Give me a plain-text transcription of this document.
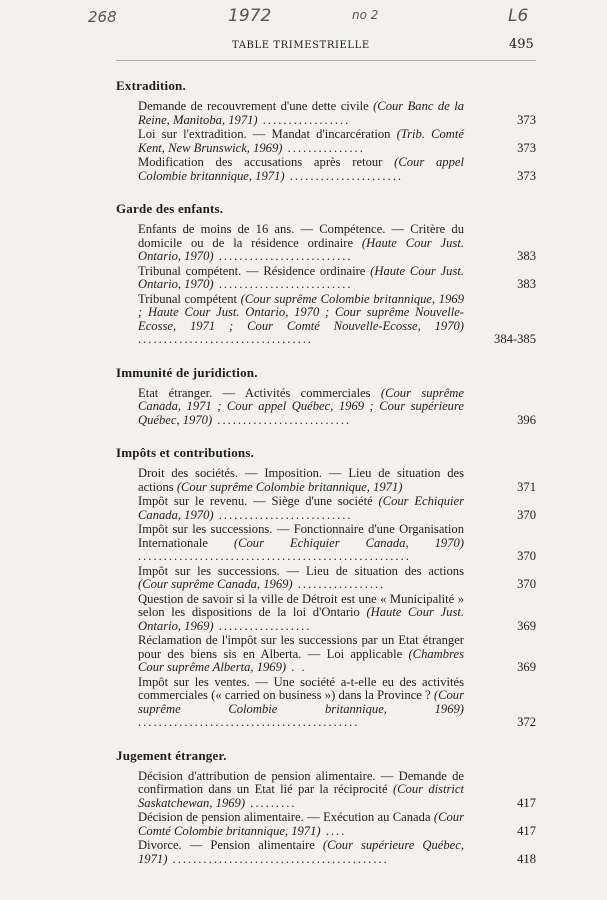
268	1972	no 2	L6
TABLE TRIMESTRIELLE	495
Extradition.
Demande de recouvrement d'une dette civile (Cour Banc de la Reine, Manitoba, 1971) .................	373
Loi sur l'extradition. — Mandat d'incarcération (Trib. Comté Kent, New Brunswick, 1969) ...............	373
Modification des accusations après retour (Cour appel Colombie britannique, 1971) ......................	373
Garde des enfants.
Enfants de moins de 16 ans. — Compétence. — Critère du domicile ou de la résidence ordinaire (Haute Cour Just. Ontario, 1970) ..........................	383
Tribunal compétent. — Résidence ordinaire (Haute Cour Just. Ontario, 1970) ..........................	383
Tribunal compétent (Cour suprême Colombie britannique, 1969 ; Haute Cour Just. Ontario, 1970 ; Cour suprême Nouvelle-Ecosse, 1971 ; Cour Comté Nouvelle-Ecosse, 1970) ..................................	384-385
Immunité de juridiction.
Etat étranger. — Activités commerciales (Cour suprême Canada, 1971 ; Cour appel Québec, 1969 ; Cour supérieure Québec, 1970) ..........................	396
Impôts et contributions.
Droit des sociétés. — Imposition. — Lieu de situation des actions (Cour suprême Colombie britannique, 1971)	371
Impôt sur le revenu. — Siège d'une société (Cour Echiquier Canada, 1970) ..........................	370
Impôt sur les successions. — Fonctionnaire d'une Organisation Internationale (Cour Echiquier Canada, 1970) .....................................................	370
Impôt sur les successions. — Lieu de situation des actions (Cour suprême Canada, 1969) .................	370
Question de savoir si la ville de Détroit est une « Municipalité » selon les dispositions de la loi d'Ontario (Haute Cour Just. Ontario, 1969) ..................	369
Réclamation de l'impôt sur les successions par un Etat étranger pour des biens sis en Alberta. — Loi applicable (Chambres Cour suprême Alberta, 1969) . .	369
Impôt sur les ventes. — Une société a-t-elle eu des activités commerciales (« carried on business ») dans la Province ? (Cour suprême Colombie britannique, 1969) ...........................................	372
Jugement étranger.
Décision d'attribution de pension alimentaire. — Demande de confirmation dans un Etat lié par la réciprocité (Cour district Saskatchewan, 1969) .........	417
Décision de pension alimentaire. — Exécution au Canada (Cour Comté Colombie britannique, 1971) ....	417
Divorce. — Pension alimentaire (Cour supérieure Québec, 1971) ..........................................	418
